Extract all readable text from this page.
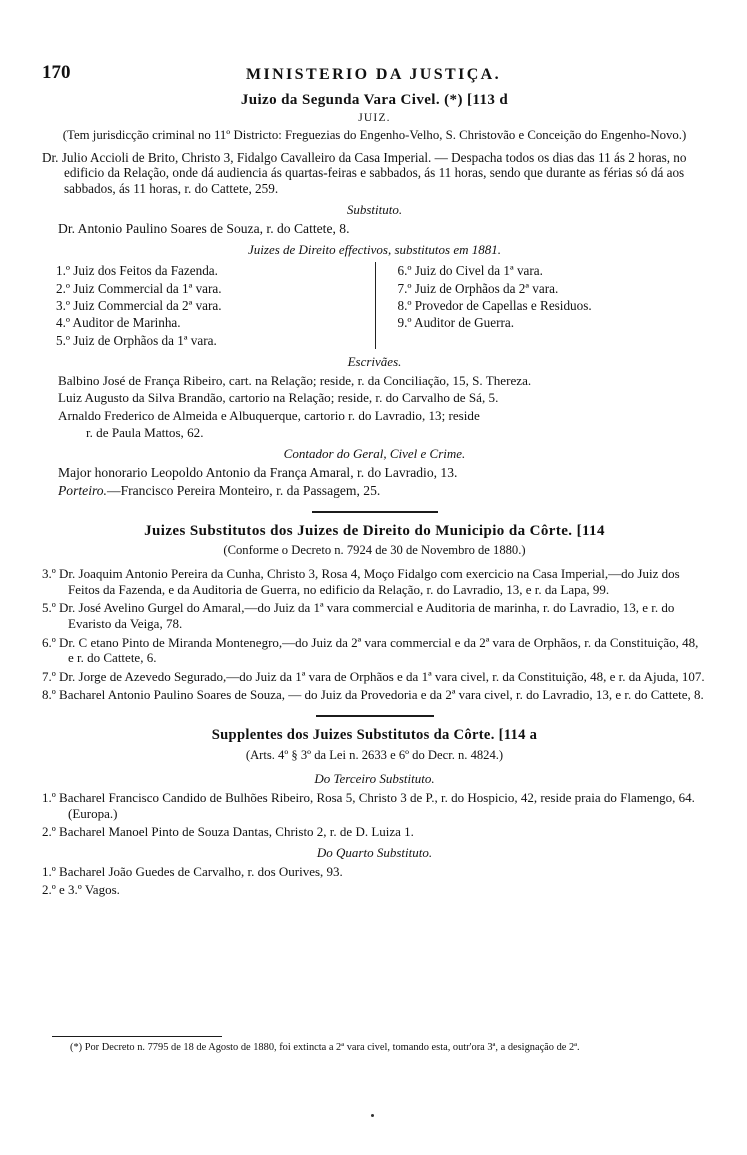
170	MINISTERIO DA JUSTIÇA.
Juizo da Segunda Vara Civel. (*) [113 d
JUIZ.
(Tem jurisdicção criminal no 11º Districto: Freguezias do Engenho-Velho, S. Christovão e Conceição do Engenho-Novo.)
Dr. Julio Accioli de Brito, Christo 3, Fidalgo Cavalleiro da Casa Imperial. — Despacha todos os dias das 11 ás 2 horas, no edificio da Relação, onde dá audiencia ás quartas-feiras e sabbados, ás 11 horas, sendo que durante as férias só dá aos sabbados, ás 11 horas, r. do Cattete, 259.
Substituto.
Dr. Antonio Paulino Soares de Souza, r. do Cattete, 8.
Juizes de Direito effectivos, substitutos em 1881.
1.º Juiz dos Feitos da Fazenda.
2.º Juiz Commercial da 1ª vara.
3.º Juiz Commercial da 2ª vara.
4.º Auditor de Marinha.
5.º Juiz de Orphãos da 1ª vara.
6.º Juiz do Civel da 1ª vara.
7.º Juiz de Orphãos da 2ª vara.
8.º Provedor de Capellas e Residuos.
9.º Auditor de Guerra.
Escrivães.
Balbino José de França Ribeiro, cart. na Relação; reside, r. da Conciliação, 15, S. Thereza.
Luiz Augusto da Silva Brandão, cartorio na Relação; reside, r. do Carvalho de Sá, 5.
Arnaldo Frederico de Almeida e Albuquerque, cartorio r. do Lavradio, 13; reside
r. de Paula Mattos, 62.
Contador do Geral, Civel e Crime.
Major honorario Leopoldo Antonio da França Amaral, r. do Lavradio, 13.
Porteiro.—Francisco Pereira Monteiro, r. da Passagem, 25.
Juizes Substitutos dos Juizes de Direito do Municipio da Côrte. [114
(Conforme o Decreto n. 7924 de 30 de Novembro de 1880.)
3.º Dr. Joaquim Antonio Pereira da Cunha, Christo 3, Rosa 4, Moço Fidalgo com exercicio na Casa Imperial,—do Juiz dos Feitos da Fazenda, e da Auditoria de Guerra, no edificio da Relação, r. do Lavradio, 13, e r. da Lapa, 99.
5.º Dr. José Avelino Gurgel do Amaral,—do Juiz da 1ª vara commercial e Auditoria de marinha, r. do Lavradio, 13, e r. do Evaristo da Veiga, 78.
6.º Dr. C etano Pinto de Miranda Montenegro,—do Juiz da 2ª vara commercial e da 2ª vara de Orphãos, r. da Constituição, 48, e r. do Cattete, 6.
7.º Dr. Jorge de Azevedo Segurado,—do Juiz da 1ª vara de Orphãos e da 1ª vara civel, r. da Constituição, 48, e r. da Ajuda, 107.
8.º Bacharel Antonio Paulino Soares de Souza, — do Juiz da Provedoria e da 2ª vara civel, r. do Lavradio, 13, e r. do Cattete, 8.
Supplentes dos Juizes Substitutos da Côrte. [114 a
(Arts. 4º § 3º da Lei n. 2633 e 6º do Decr. n. 4824.)
Do Terceiro Substituto.
1.º Bacharel Francisco Candido de Bulhões Ribeiro, Rosa 5, Christo 3 de P., r. do Hospicio, 42, reside praia do Flamengo, 64. (Europa.)
2.º Bacharel Manoel Pinto de Souza Dantas, Christo 2, r. de D. Luiza 1.
Do Quarto Substituto.
1.º Bacharel João Guedes de Carvalho, r. dos Ourives, 93.
2.º e 3.º Vagos.
(*) Por Decreto n. 7795 de 18 de Agosto de 1880, foi extincta a 2ª vara civel, tomando esta, outr'ora 3ª, a designação de 2ª.
